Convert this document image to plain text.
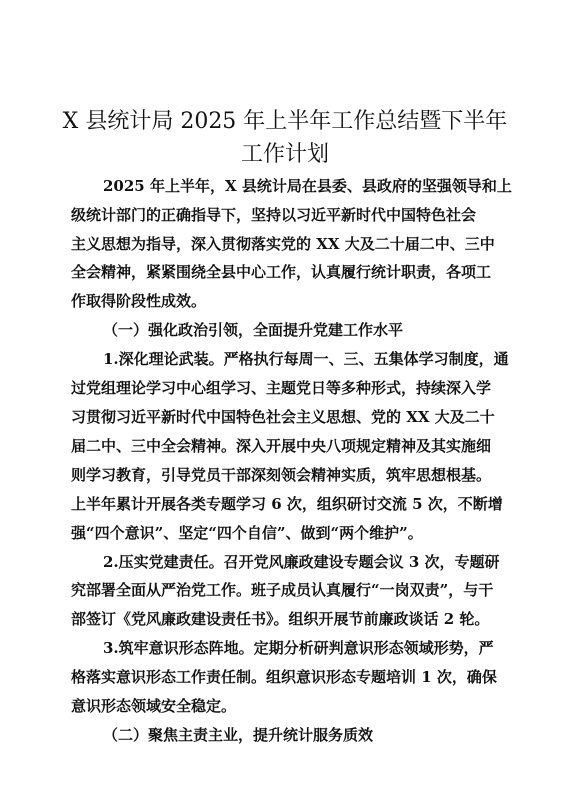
X 县统计局 2025 年上半年工作总结暨下半年
工作计划
2025 年上半年，X 县统计局在县委、县政府的坚强领导和上
级统计部门的正确指导下，坚持以习近平新时代中国特色社会
主义思想为指导，深入贯彻落实党的 XX 大及二十届二中、三中
全会精神，紧紧围绕全县中心工作，认真履行统计职责，各项工
作取得阶段性成效。
（一）强化政治引领，全面提升党建工作水平
1.深化理论武装。严格执行每周一、三、五集体学习制度，通
过党组理论学习中心组学习、主题党日等多种形式，持续深入学
习贯彻习近平新时代中国特色社会主义思想、党的 XX 大及二十
届二中、三中全会精神。深入开展中央八项规定精神及其实施细
则学习教育，引导党员干部深刻领会精神实质，筑牢思想根基。
上半年累计开展各类专题学习 6 次，组织研讨交流 5 次，不断增
强“四个意识”、坚定“四个自信”、做到“两个维护”。
2.压实党建责任。召开党风廉政建设专题会议 3 次，专题研
究部署全面从严治党工作。班子成员认真履行“一岗双责”，与干
部签订《党风廉政建设责任书》。组织开展节前廉政谈话 2 轮。
3.筑牢意识形态阵地。定期分析研判意识形态领域形势，严
格落实意识形态工作责任制。组织意识形态专题培训 1 次，确保
意识形态领域安全稳定。
（二）聚焦主责主业，提升统计服务质效
